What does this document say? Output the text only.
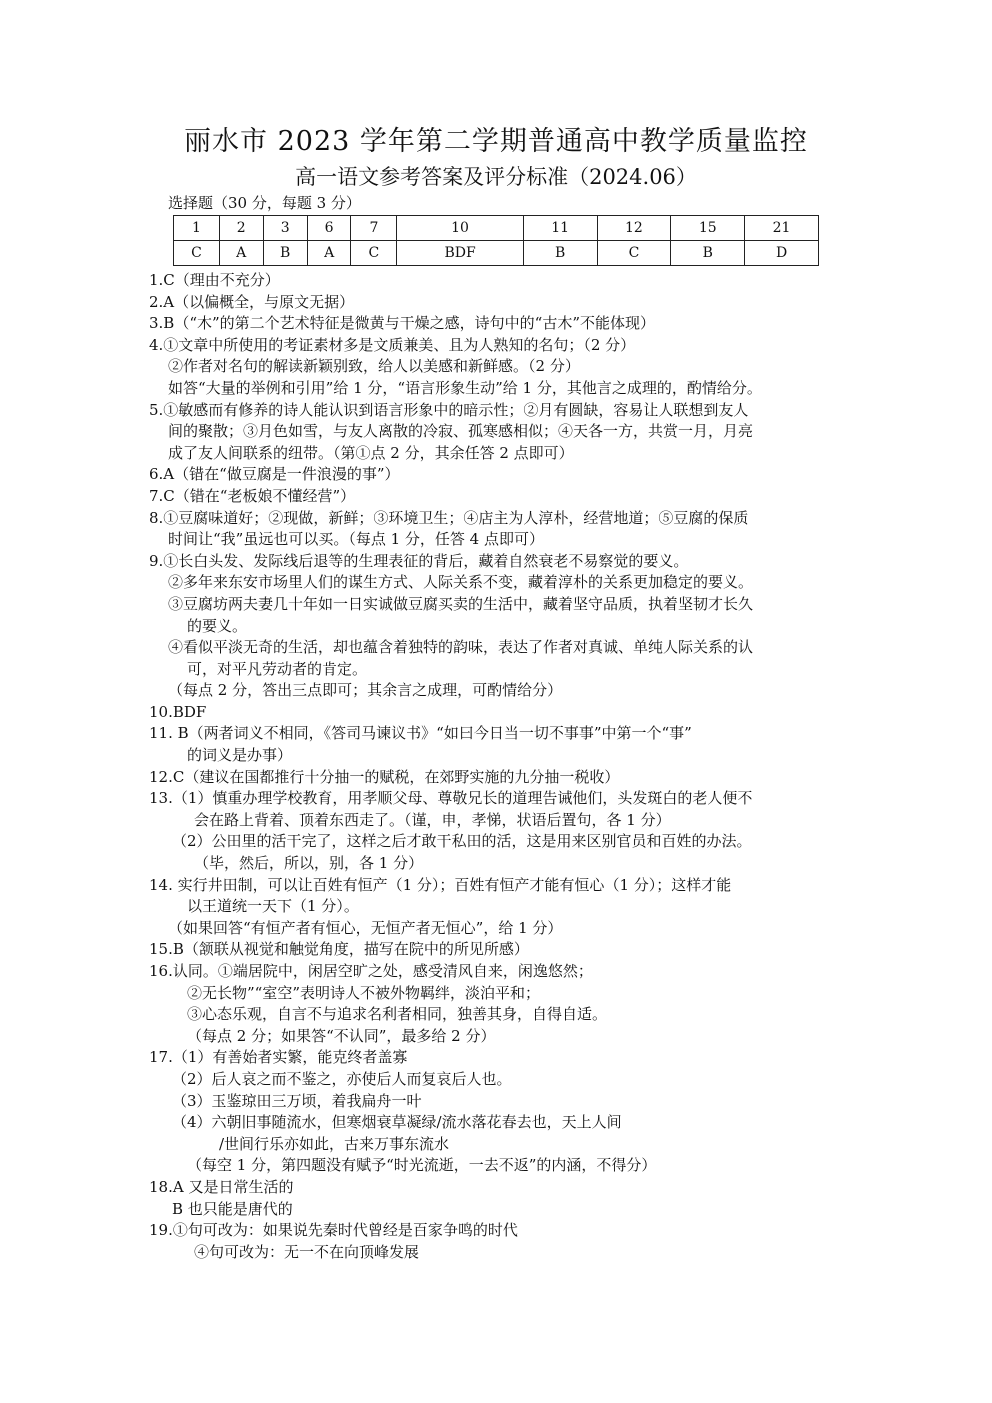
丽水市 2023 学年第二学期普通高中教学质量监控
高一语文参考答案及评分标准（2024.06）
选择题（30 分，每题 3 分）
1	2	3	6	7	10	11	12	15	21
C	A	B	A	C	BDF	B	C	B	D
1.C（理由不充分）
2.A（以偏概全，与原文无据）
3.B（“木”的第二个艺术特征是微黄与干燥之感，诗句中的“古木”不能体现）
4.①文章中所使用的考证素材多是文质兼美、且为人熟知的名句；（2 分）
②作者对名句的解读新颖别致，给人以美感和新鲜感。（2 分）
如答“大量的举例和引用”给 1 分，“语言形象生动”给 1 分，其他言之成理的，酌情给分。
5.①敏感而有修养的诗人能认识到语言形象中的暗示性；②月有圆缺，容易让人联想到友人
间的聚散；③月色如雪，与友人离散的冷寂、孤寒感相似；④天各一方，共赏一月，月亮
成了友人间联系的纽带。（第①点 2 分，其余任答 2 点即可）
6.A（错在“做豆腐是一件浪漫的事”）
7.C（错在“老板娘不懂经营”）
8.①豆腐味道好；②现做，新鲜；③环境卫生；④店主为人淳朴，经营地道；⑤豆腐的保质
时间让“我”虽远也可以买。（每点 1 分，任答 4 点即可）
9.①长白头发、发际线后退等的生理表征的背后，藏着自然衰老不易察觉的要义。
②多年来东安市场里人们的谋生方式、人际关系不变，藏着淳朴的关系更加稳定的要义。
③豆腐坊两夫妻几十年如一日实诚做豆腐买卖的生活中，藏着坚守品质，执着坚韧才长久
的要义。
④看似平淡无奇的生活，却也蕴含着独特的韵味，表达了作者对真诚、单纯人际关系的认
可，对平凡劳动者的肯定。
（每点 2 分，答出三点即可；其余言之成理，可酌情给分）
10.BDF
11. B（两者词义不相同，《答司马谏议书》“如曰今日当一切不事事”中第一个“事”
的词义是办事）
12.C（建议在国都推行十分抽一的赋税，在郊野实施的九分抽一税收）
13.（1）慎重办理学校教育，用孝顺父母、尊敬兄长的道理告诫他们，头发斑白的老人便不
会在路上背着、顶着东西走了。（谨，申，孝悌，状语后置句，各 1 分）
（2）公田里的活干完了，这样之后才敢干私田的活，这是用来区别官员和百姓的办法。
（毕，然后，所以，别，各 1 分）
14. 实行井田制，可以让百姓有恒产（1 分）；百姓有恒产才能有恒心（1 分）；这样才能
以王道统一天下（1 分）。
（如果回答“有恒产者有恒心，无恒产者无恒心”，给 1 分）
15.B（颔联从视觉和触觉角度，描写在院中的所见所感）
16.认同。①端居院中，闲居空旷之处，感受清风自来，闲逸悠然；
②无长物”“室空”表明诗人不被外物羁绊，淡泊平和；
③心态乐观，自言不与追求名利者相同，独善其身，自得自适。
（每点 2 分；如果答“不认同”，最多给 2 分）
17.（1）有善始者实繁，能克终者盖寡
（2）后人哀之而不鉴之，亦使后人而复哀后人也。
（3）玉鉴琼田三万顷，着我扁舟一叶
（4）六朝旧事随流水，但寒烟衰草凝绿/流水落花春去也，天上人间
/世间行乐亦如此，古来万事东流水
（每空 1 分，第四题没有赋予“时光流逝，一去不返”的内涵，不得分）
18.A 又是日常生活的
B 也只能是唐代的
19.①句可改为：如果说先秦时代曾经是百家争鸣的时代
④句可改为：无一不在向顶峰发展
